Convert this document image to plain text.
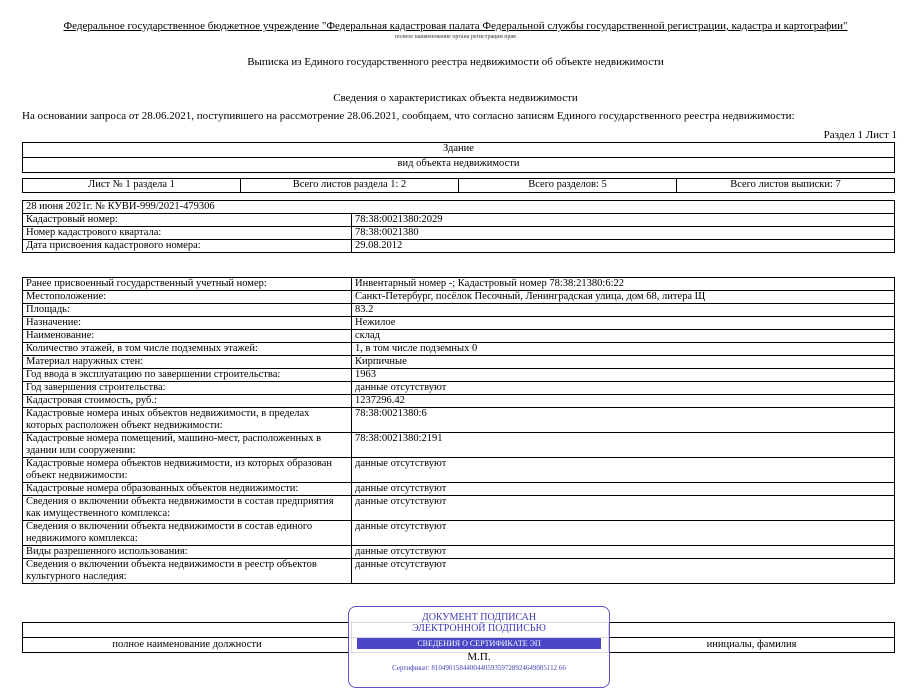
Федеральное государственное бюджетное учреждение "Федеральная кадастровая палата Федеральной службы государственной регистрации, кадастра и картографии"
полное наименование органа регистрации прав
Выписка из Единого государственного реестра недвижимости об объекте недвижимости
Сведения о характеристиках объекта недвижимости
На основании запроса от 28.06.2021, поступившего на рассмотрение 28.06.2021, сообщаем, что согласно записям Единого государственного реестра недвижимости:
Раздел 1 Лист 1
Здание
вид объекта недвижимости
Лист № 1 раздела 1	Всего листов раздела 1: 2	Всего разделов: 5	Всего листов выписки: 7
28 июня 2021г. № КУВИ-999/2021-479306	
Кадастровый номер:	78:38:0021380:2029
Номер кадастрового квартала:	78:38:0021380
Дата присвоения кадастрового номера:	29.08.2012
Ранее присвоенный государственный учетный номер:	Инвентарный номер -; Кадастровый номер 78:38:21380:6:22
Местоположение:	Санкт-Петербург, посёлок Песочный, Ленинградская улица, дом 68, литера Щ
Площадь:	83.2
Назначение:	Нежилое
Наименование:	склад
Количество этажей, в том числе подземных этажей:	1, в том числе подземных 0
Материал наружных стен:	Кирпичные
Год ввода в эксплуатацию по завершении строительства:	1963
Год завершения строительства:	данные отсутствуют
Кадастровая стоимость, руб.:	1237296.42
Кадастровые номера иных объектов недвижимости, в пределах которых расположен объект недвижимости:	78:38:0021380:6
Кадастровые номера помещений, машино-мест, расположенных в здании или сооружении:	78:38:0021380:2191
Кадастровые номера объектов недвижимости, из которых образован объект недвижимости:	данные отсутствуют
Кадастровые номера образованных объектов недвижимости:	данные отсутствуют
Сведения о включении объекта недвижимости в состав предприятия как имущественного комплекса:	данные отсутствуют
Сведения о включении объекта недвижимости в состав единого недвижимого комплекса:	данные отсутствуют
Виды разрешенного использования:	данные отсутствуют
Сведения о включении объекта недвижимости в реестр объектов культурного наследия:	данные отсутствуют

полное наименование должности		инициалы, фамилия
ДОКУМЕНТ ПОДПИСАН
ЭЛЕКТРОННОЙ ПОДПИСЬЮ
СВЕДЕНИЯ О СЕРТИФИКАТЕ ЭП
М.П.
Сертификат: 810490158440044059359728924649085112 66
